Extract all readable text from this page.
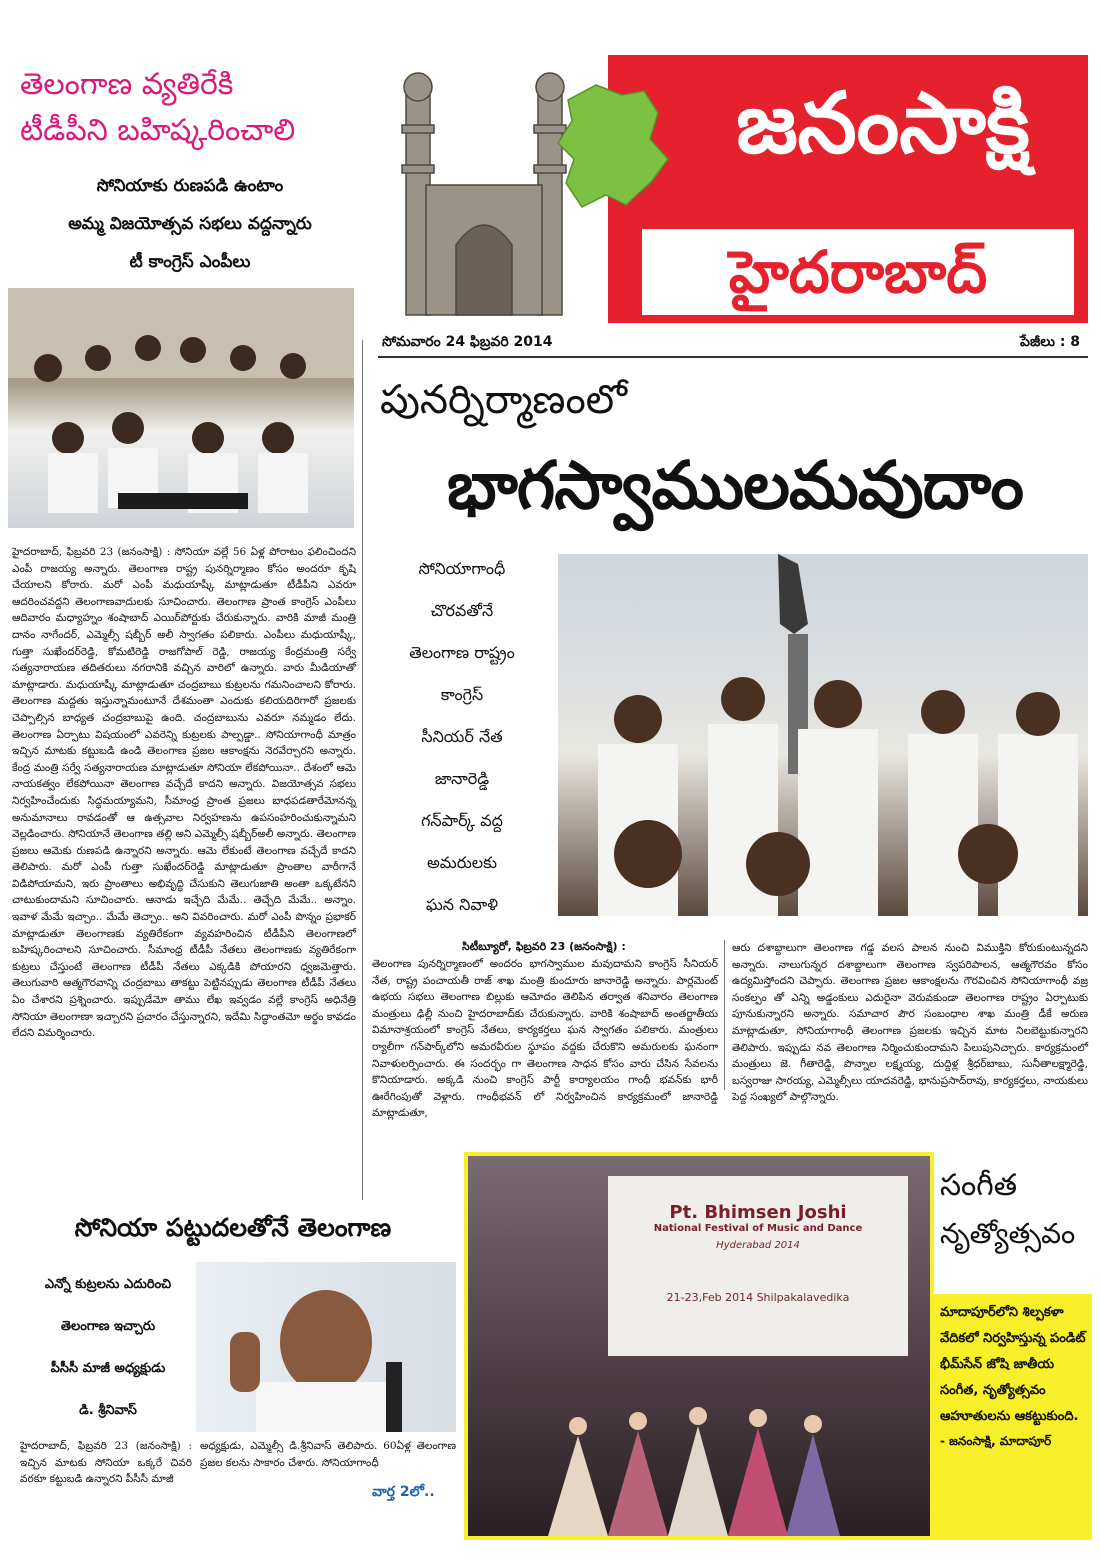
తెలంగాణ వ్యతిరేకి
టీడీపీని బహిష్కరించాలి
సోనియాకు రుణపడి ఉంటాం
అమ్మ విజయోత్సవ సభలు వద్దన్నారు
టీ కాంగ్రెస్ ఎంపీలు

హైదరాబాద్, ఫిబ్రవరి 23 (జనంసాక్షి) : సోనియా వల్లే 56 ఏళ్ల పోరాటం ఫలించిందని ఎంపీ రాజయ్య అన్నారు. తెలంగాణ రాష్ట్ర పునర్నిర్మాణం కోసం అందరూ కృషి చేయాలని కోరారు. మరో ఎంపీ మధుయాష్కీ మాట్లాడుతూ టీడీపీని ఎవరూ ఆదరించవద్దని తెలంగాణవాదులకు సూచించారు. తెలంగాణ ప్రాంత కాంగ్రెస్ ఎంపీలు ఆదివారం మధ్యాహ్నం శంషాబాద్ ఎయిర్‌పోర్టుకు చేరుకున్నారు. వారికి మాజీ మంత్రి దానం నాగేందర్, ఎమ్మెల్సీ షబ్బీర్ అలీ స్వాగతం పలికారు. ఎంపీలు మధుయాష్కీ, గుత్తా సుఖేందర్‌రెడ్డి, కోమటిరెడ్డి రాజగోపాల్ రెడ్డి, రాజయ్య కేంద్రమంత్రి సర్వే సత్యనారాయణ తదితరులు నగరానికి వచ్చిన వారిలో ఉన్నారు. వారు మీడియాతో మాట్లాడారు. మధుయాష్కీ మాట్లాడుతూ చంద్రబాబు కుట్రలను గమనించాలని కోరారు. తెలంగాణ మద్దతు ఇస్తున్నామంటూనే దేశమంతా ఎందుకు కలియదిరిగారో ప్రజలకు చెప్పాల్సిన బాధ్యత చంద్రబాబుపై ఉంది. చంద్రబాబును ఎవరూ నమ్మడం లేదు. తెలంగాణ ఏర్పాటు విషయంలో ఎవరెన్ని కుట్రలకు పాల్పడ్డా.. సోనియాగాంధీ మాత్రం ఇచ్చిన మాటకు కట్టుబడి ఉండి తెలంగాణ ప్రజల ఆకాంక్షను నెరవేర్చారని అన్నారు. కేంద్ర మంత్రి సర్వే సత్యనారాయణ మాట్లాడుతూ సోనియా లేకపోయినా.. దేశంలో ఆమె నాయకత్వం లేకపోయినా తెలంగాణ వచ్చేదే కాదని అన్నారు. విజయోత్సవ సభలు నిర్వహించేందుకు సిద్ధమయ్యామని, సీమాంధ్ర ప్రాంత ప్రజలు బాధపడతారేమోనన్న అనుమానాలు రావడంతో ఆ ఉత్సవాల నిర్వహణను ఉపసంహరించుకున్నామని వెల్లడించారు. సోనియానే తెలంగాణ తల్లి అని ఎమ్మెల్సీ షబ్బీర్‌అలీ అన్నారు. తెలంగాణ ప్రజలు ఆమెకు రుణపడి ఉన్నారని అన్నారు. ఆమె లేకుంటే తెలంగాణ వచ్చేదే కాదని తెలిపారు. మరో ఎంపీ గుత్తా సుఖేందర్‌రెడ్డి మాట్లాడుతూ ప్రాంతాల వారీగానే విడిపోయామని, ఇరు ప్రాంతాలు అభివృద్ధి చేసుకుని తెలుగుజాతి అంతా ఒక్కటేనని చాటుకుందామని సూచించారు. ఆనాడు ఇచ్చేది మేమే.. తెచ్చేది మేమే.. అన్నాం. ఇవాళ మేమే ఇచ్చాం.. మేమే తెచ్చాం.. అని వివరించారు. మరో ఎంపీ పొన్నం ప్రభాకర్ మాట్లాడుతూ తెలంగాణకు వ్యతిరేకంగా వ్యవహరించిన టీడీపీని తెలంగాణలో బహిష్కరించాలని సూచించారు. సీమాంధ్ర టీడీపీ నేతలు తెలంగాణకు వ్యతిరేకంగా కుట్రలు చేస్తుంటే తెలంగాణ టీడీపీ నేతలు ఎక్కడికి పోయారని ధ్వజమెత్తారు. తెలుగువారి ఆత్మగౌరవాన్ని చంద్రబాబు తాకట్టు పెట్టినప్పుడు తెలంగాణ టీడీపీ నేతలు ఏం చేశారని ప్రశ్నించారు. ఇప్పుడేమో తాము లేఖ ఇవ్వడం వల్లే కాంగ్రెస్ అధినేత్రి సోనియా తెలంగాణా ఇచ్చారని ప్రచారం చేస్తున్నారని, ఇదేమి సిద్ధాంతమో అర్థం కావడం లేదని విమర్శించారు.

జనంసాక్షి
హైదరాబాద్
సోమవారం 24 ఫిబ్రవరి 2014	పేజీలు : 8
పునర్నిర్మాణంలో
భాగస్వాములమవుదాం
సోనియాగాంధీ
చొరవతోనే
తెలంగాణ రాష్ట్రం
కాంగ్రెస్
సీనియర్ నేత
జానారెడ్డి
గన్‌పార్క్ వద్ద
అమరులకు
ఘన నివాళి
సిటీబ్యూరో, ఫిబ్రవరి 23 (జనంసాక్షి) :

తెలంగాణ పునర్నిర్మాణంలో అందరం భాగస్వాముల మవుదామని కాంగ్రెస్ సీనియర్ నేత, రాష్ట్ర పంచాయతీ రాజ్ శాఖ మంత్రి కుందూరు జానారెడ్డి అన్నారు. పార్లమెంట్ ఉభయ సభలు తెలంగాణ బిల్లుకు ఆమోదం తెలిపిన తర్వాత శనివారం తెలంగాణ మంత్రులు ఢిల్లీ నుంచి హైదరాబాద్‌కు చేరుకున్నారు. వారికి శంషాబాద్ అంతర్జాతీయ విమానాశ్రయంలో కాంగ్రెస్ నేతలు, కార్యకర్తలు ఘన స్వాగతం పలికారు. మంత్రులు ర్యాలీగా గన్‌పార్క్‌లోని అమరవీరుల స్థూపం వద్దకు చేరుకొని అమరులకు ఘనంగా నివాళులర్పించారు. ఈ సందర్భం గా తెలంగాణ సాధన కోసం వారు చేసిన సేవలను కొనియాడారు. అక్కడి నుంచి కాంగ్రెస్ పార్టీ కార్యాలయం గాంధీ భవన్‌కు భారీ ఊరేగింపుతో వెళ్లారు. గాంధీభవన్ లో నిర్వహించిన కార్యక్రమంలో జానారెడ్డి మాట్లాడుతూ,

ఆరు దశాబ్దాలుగా తెలంగాణ గడ్డ వలస పాలన నుంచి విముక్తిని కోరుకుంటున్నదని అన్నారు. నాలుగున్నర దశాబ్దాలుగా తెలంగాణ స్వపరిపాలన, ఆత్మగౌరవం కోసం ఉద్యమిస్తోందని చెప్పారు. తెలంగాణ ప్రజల ఆకాంక్షలను గౌరవించిన సోనియాగాంధీ వజ్ర సంకల్పం తో ఎన్ని అడ్డంకులు ఎదురైనా వెరువకుండా తెలంగాణ రాష్ట్రం ఏర్పాటుకు పూనుకున్నారని అన్నారు. సమాచార పౌర సంబంధాల శాఖ మంత్రి డీకే అరుణ మాట్లాడుతూ, సోనియాగాంధీ తెలంగాణ ప్రజలకు ఇచ్చిన మాట నిలబెట్టుకున్నారని తెలిపారు. ఇప్పుడు నవ తెలంగాణ నిర్మించుకుందామని పిలుపునిచ్చారు. కార్యక్రమంలో మంత్రులు జె. గీతారెడ్డి, పొన్నాల లక్ష్మయ్య, దుద్దిళ్ల శ్రీధర్‌బాబు, సునీతాలక్ష్మారెడ్డి, బస్వరాజు సారయ్య, ఎమ్మెల్సీలు యాదవరెడ్డి, భానుప్రసాద్‌రావు, కార్యకర్తలు, నాయకులు పెద్ద సంఖ్యలో పాల్గొన్నారు.

సోనియా పట్టుదలతోనే తెలంగాణ
ఎన్నో కుట్రలను ఎదురించి
తెలంగాణ ఇచ్చారు
పీసీసీ మాజీ అధ్యక్షుడు
డి. శ్రీనివాస్

హైదరాబాద్, ఫిబ్రవరి 23 (జనంసాక్షి) : ఇచ్చిన మాటకు సోనియా ఒక్కరే చివరి వరకూ కట్టుబడి ఉన్నారని పీసీసీ మాజీ

అధ్యక్షుడు, ఎమ్మెల్సీ డి.శ్రీనివాస్ తెలిపారు. 60ఏళ్ల తెలంగాణ ప్రజల కలను సాకారం చేశారు. సోనియాగాంధీ

వార్త 2లో..
Pt. Bhimsen Joshi
National Festival of Music and Dance
Hyderabad 2014
21-23,Feb 2014 Shilpakalavedika
సంగీత
నృత్యోత్సవం
మాదాపూర్‌లోని శిల్పకళా వేదికలో నిర్వహిస్తున్న పండిట్ భీమ్‌సేన్ జోషి జాతీయ సంగీత, నృత్యోత్సవం ఆహూతులను ఆకట్టుకుంది.
- జనంసాక్షి, మాదాపూర్
